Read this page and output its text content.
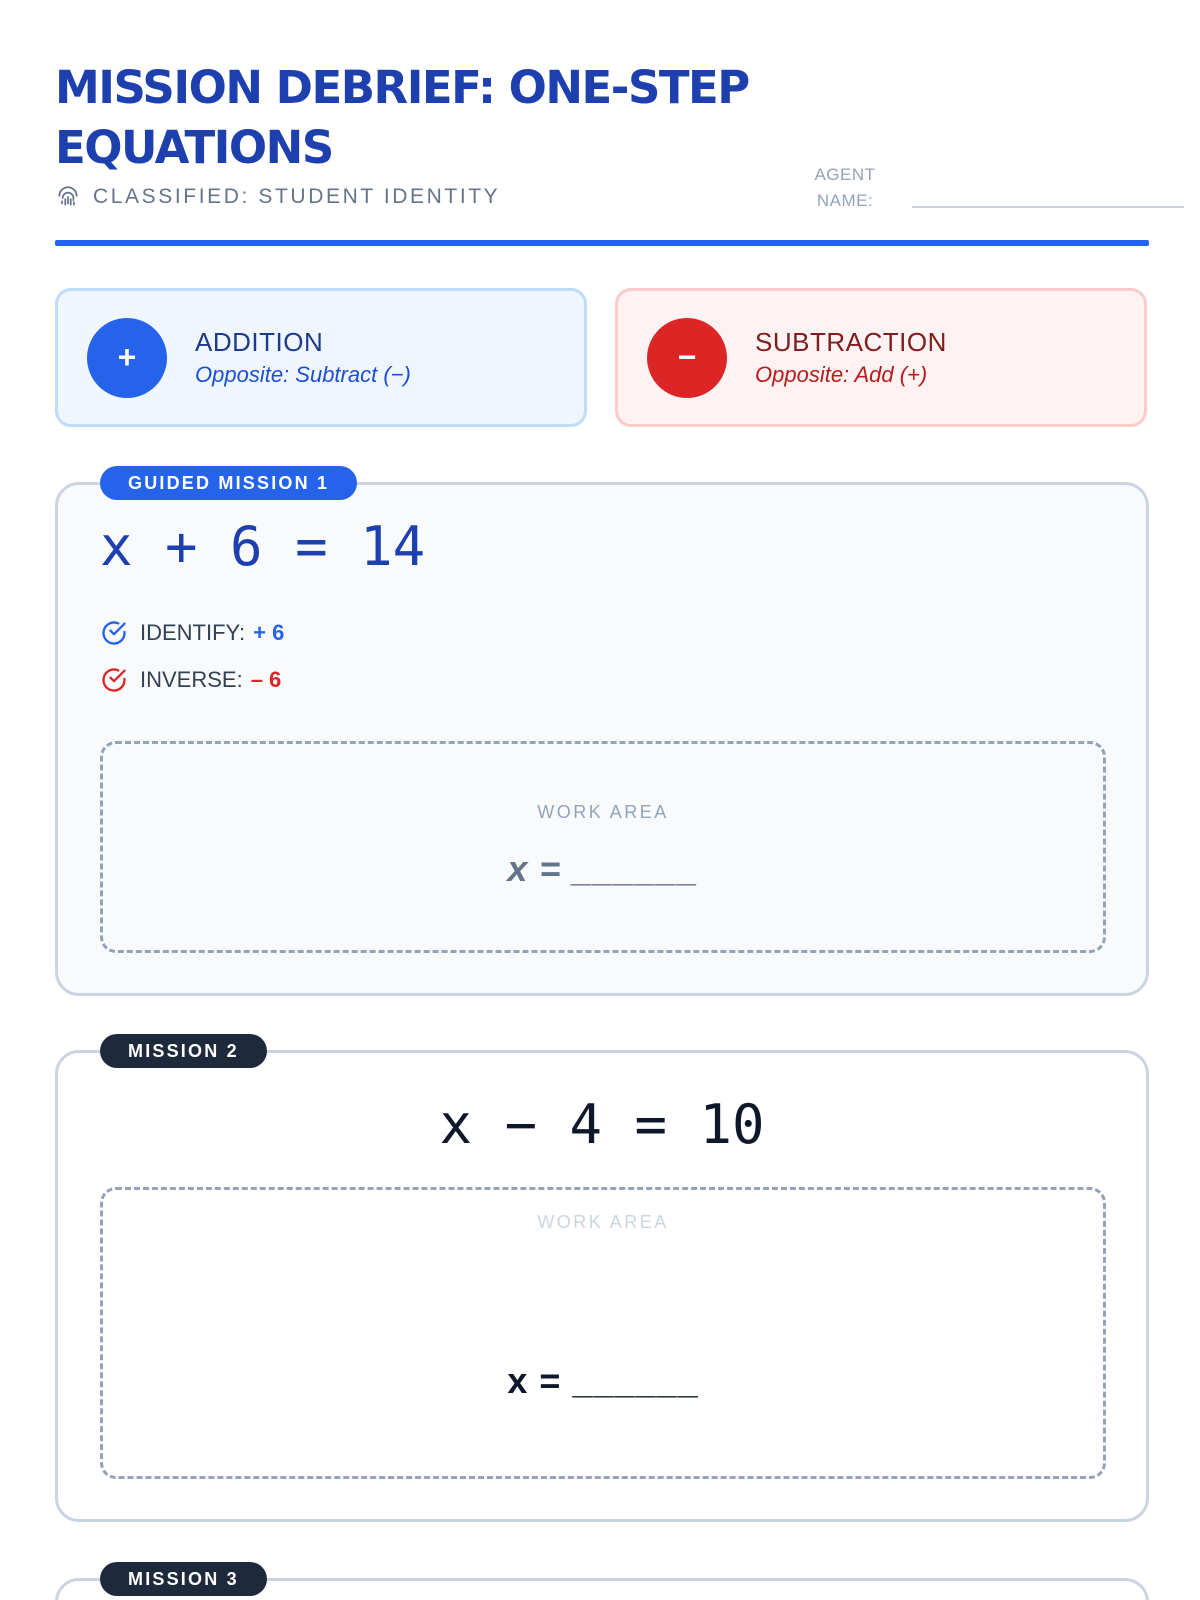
MISSION DEBRIEF: ONE-STEP EQUATIONS
CLASSIFIED: STUDENT IDENTITY
AGENT NAME:
+	ADDITION
Opposite: Subtract (−)	−	SUBTRACTION
Opposite: Add (+)
GUIDED MISSION 1
x + 6 = 14
IDENTIFY: + 6
INVERSE: – 6
WORK AREA
x = ______
MISSION 2
x − 4 = 10
WORK AREA
x = ______
MISSION 3
